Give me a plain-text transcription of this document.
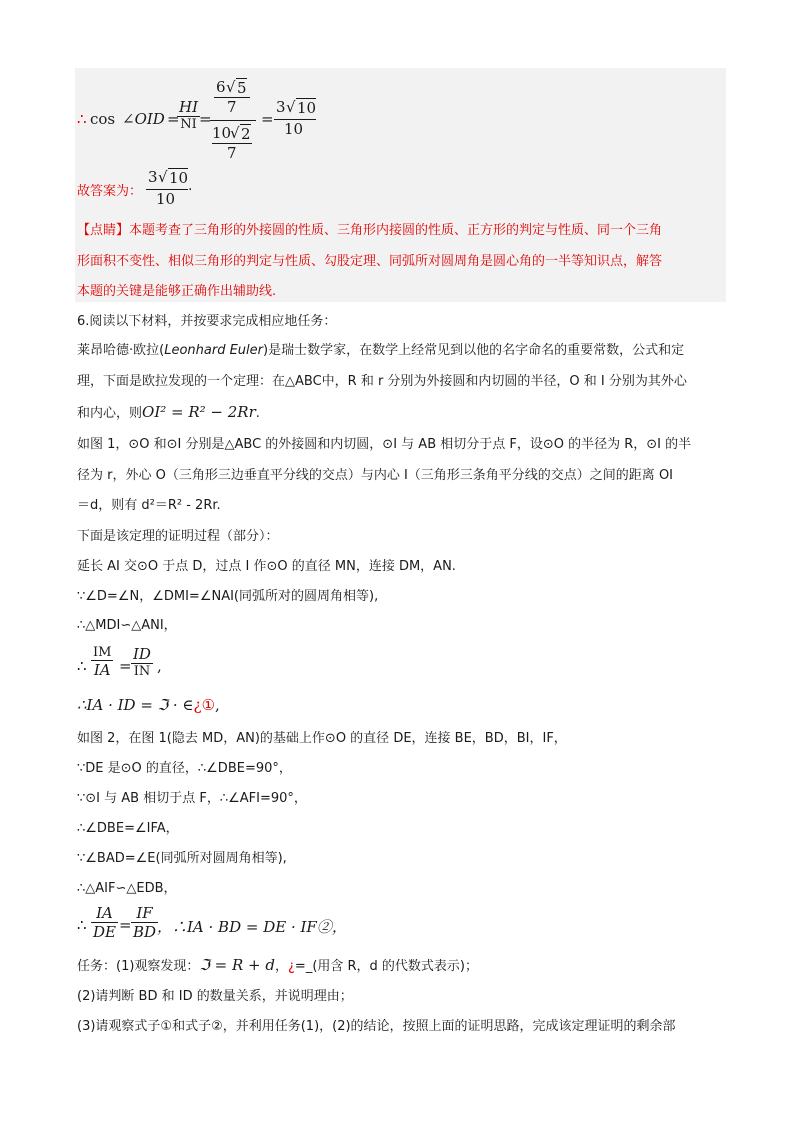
∴ cos ∠OID =
$\frac{HI}{NI}$
=
6 √ 5
7
10
√ 2
7
=
3 √ 10
10
故答案为：
3 √ 10
10
.
【点睛】本题考查了三角形的外接圆的性质、三角形内接圆的性质、正方形的判定与性质、同一个三角
形面积不变性、相似三角形的判定与性质、勾股定理、同弧所对圆周角是圆心角的一半等知识点，解答
本题的关键是能够正确作出辅助线.
6.阅读以下材料，并按要求完成相应地任务：
莱昂哈德·欧拉(Leonhard Euler)是瑞士数学家，在数学上经常见到以他的名字命名的重要常数，公式和定
理，下面是欧拉发现的一个定理：在△ABC中，R 和 r 分别为外接圆和内切圆的半径，O 和 I 分别为其外心
和内心，则OI² = R² − 2Rr.
如图 1，⊙O 和⊙I 分别是△ABC 的外接圆和内切圆，⊙I 与 AB 相切分于点 F，设⊙O 的半径为 R，⊙I 的半
径为 r，外心 O（三角形三边垂直平分线的交点）与内心 I（三角形三条角平分线的交点）之间的距离 OI
＝d，则有 d²＝R² - 2Rr.
下面是该定理的证明过程（部分）：
延长 AI 交⊙O 于点 D，过点 I 作⊙O 的直径 MN，连接 DM，AN.
∵∠D=∠N，∠DMI=∠NAI(同弧所对的圆周角相等),
∴△MDI∽△ANI，
∴ $\frac{IM}{IA} = \frac{ID}{IN}$ ,
∴IA · ID = ℑ · ∈¿①,
如图 2，在图 1(隐去 MD，AN)的基础上作⊙O 的直径 DE，连接 BE，BD，BI，IF，
∵DE 是⊙O 的直径，∴∠DBE=90°，
∵⊙I 与 AB 相切于点 F，∴∠AFI=90°，
∴∠DBE=∠IFA，
∵∠BAD=∠E(同弧所对圆周角相等),
∴△AIF∽△EDB，
∴ $\frac{IA}{DE} = \frac{IF}{BD}$
，∴IA · BD = DE · IF②，
任务：(1)观察发现：ℑ = R + d，¿=_(用含 R，d 的代数式表示)；
(2)请判断 BD 和 ID 的数量关系，并说明理由；
(3)请观察式子①和式子②，并利用任务(1)，(2)的结论，按照上面的证明思路，完成该定理证明的剩余部
